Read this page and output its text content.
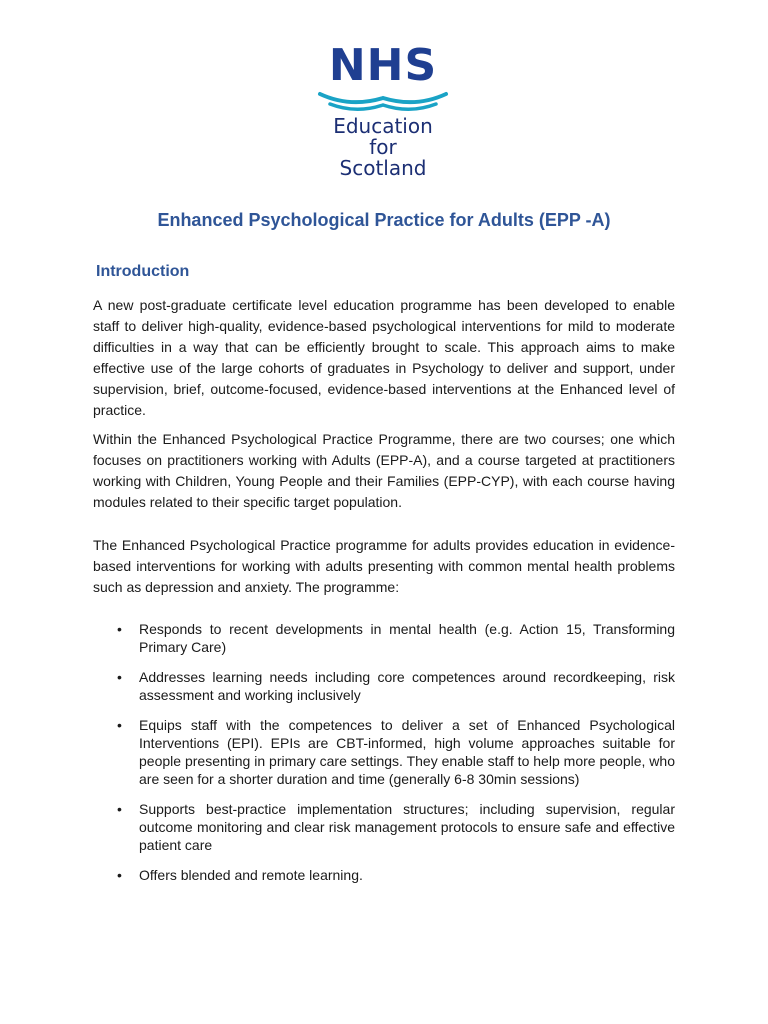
NHS
Education
for
Scotland
Enhanced Psychological Practice for Adults (EPP -A)
Introduction

A new post-graduate certificate level education programme has been developed to enable staff to deliver high-quality, evidence-based psychological interventions for mild to moderate difficulties in a way that can be efficiently brought to scale. This approach aims to make effective use of the large cohorts of graduates in Psychology to deliver and support, under supervision, brief, outcome-focused, evidence-based interventions at the Enhanced level of practice.

Within the Enhanced Psychological Practice Programme, there are two courses; one which focuses on practitioners working with Adults (EPP-A), and a course targeted at practitioners working with Children, Young People and their Families (EPP-CYP), with each course having modules related to their specific target population.

The Enhanced Psychological Practice programme for adults provides education in evidence-based interventions for working with adults presenting with common mental health problems such as depression and anxiety. The programme:

• Responds to recent developments in mental health (e.g. Action 15, Transforming Primary Care)
• Addresses learning needs including core competences around recordkeeping, risk assessment and working inclusively
• Equips staff with the competences to deliver a set of Enhanced Psychological Interventions (EPI). EPIs are CBT-informed, high volume approaches suitable for people presenting in primary care settings. They enable staff to help more people, who are seen for a shorter duration and time (generally 6-8 30min sessions)
• Supports best-practice implementation structures; including supervision, regular outcome monitoring and clear risk management protocols to ensure safe and effective patient care
• Offers blended and remote learning.
